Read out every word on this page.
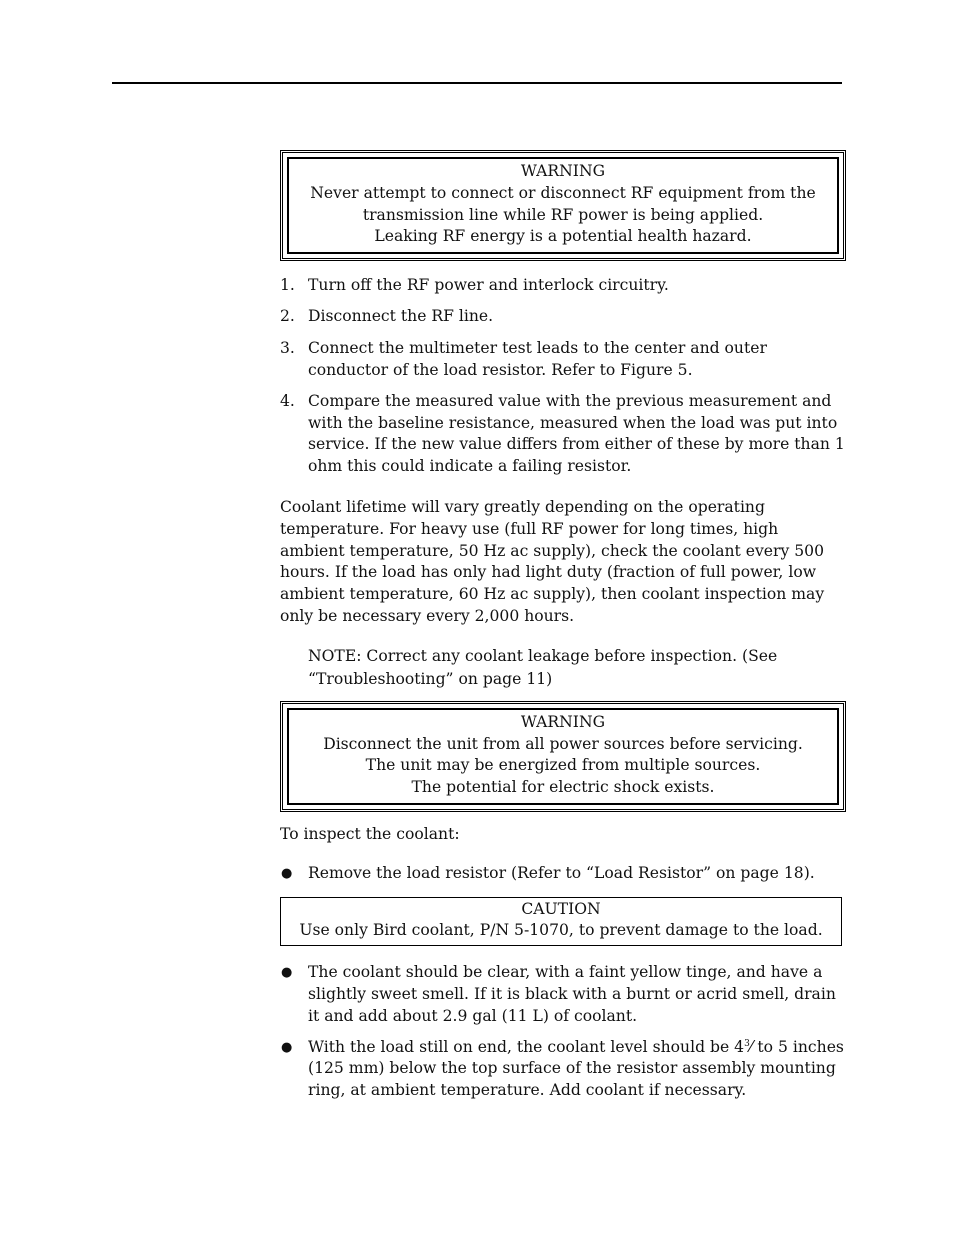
WARNING
Never attempt to connect or disconnect RF equipment from the
transmission line while RF power is being applied.
Leaking RF energy is a potential health hazard.
1. Turn off the RF power and interlock circuitry.
2. Disconnect the RF line.
3. Connect the multimeter test leads to the center and outer conductor of the load resistor. Refer to Figure 5.
4. Compare the measured value with the previous measurement and with the baseline resistance, measured when the load was put into service. If the new value differs from either of these by more than 1 ohm this could indicate a failing resistor.

Coolant lifetime will vary greatly depending on the operating temperature. For heavy use (full RF power for long times, high ambient temperature, 50 Hz ac supply), check the coolant every 500 hours. If the load has only had light duty (fraction of full power, low ambient temperature, 60 Hz ac supply), then coolant inspection may only be necessary every 2,000 hours.

NOTE: Correct any coolant leakage before inspection. (See “Troubleshooting” on page 11)

WARNING
Disconnect the unit from all power sources before servicing.
The unit may be energized from multiple sources.
The potential for electric shock exists.

To inspect the coolant:

● Remove the load resistor (Refer to “Load Resistor” on page 18).
CAUTION
Use only Bird coolant, P/N 5-1070, to prevent damage to the load.
● The coolant should be clear, with a faint yellow tinge, and have a slightly sweet smell. If it is black with a burnt or acrid smell, drain it and add about 2.9 gal (11 L) of coolant.
● With the load still on end, the coolant level should be $4^3⁄$ to 5 inches (125 mm) below the top surface of the resistor assembly mounting ring, at ambient temperature. Add coolant if necessary.
